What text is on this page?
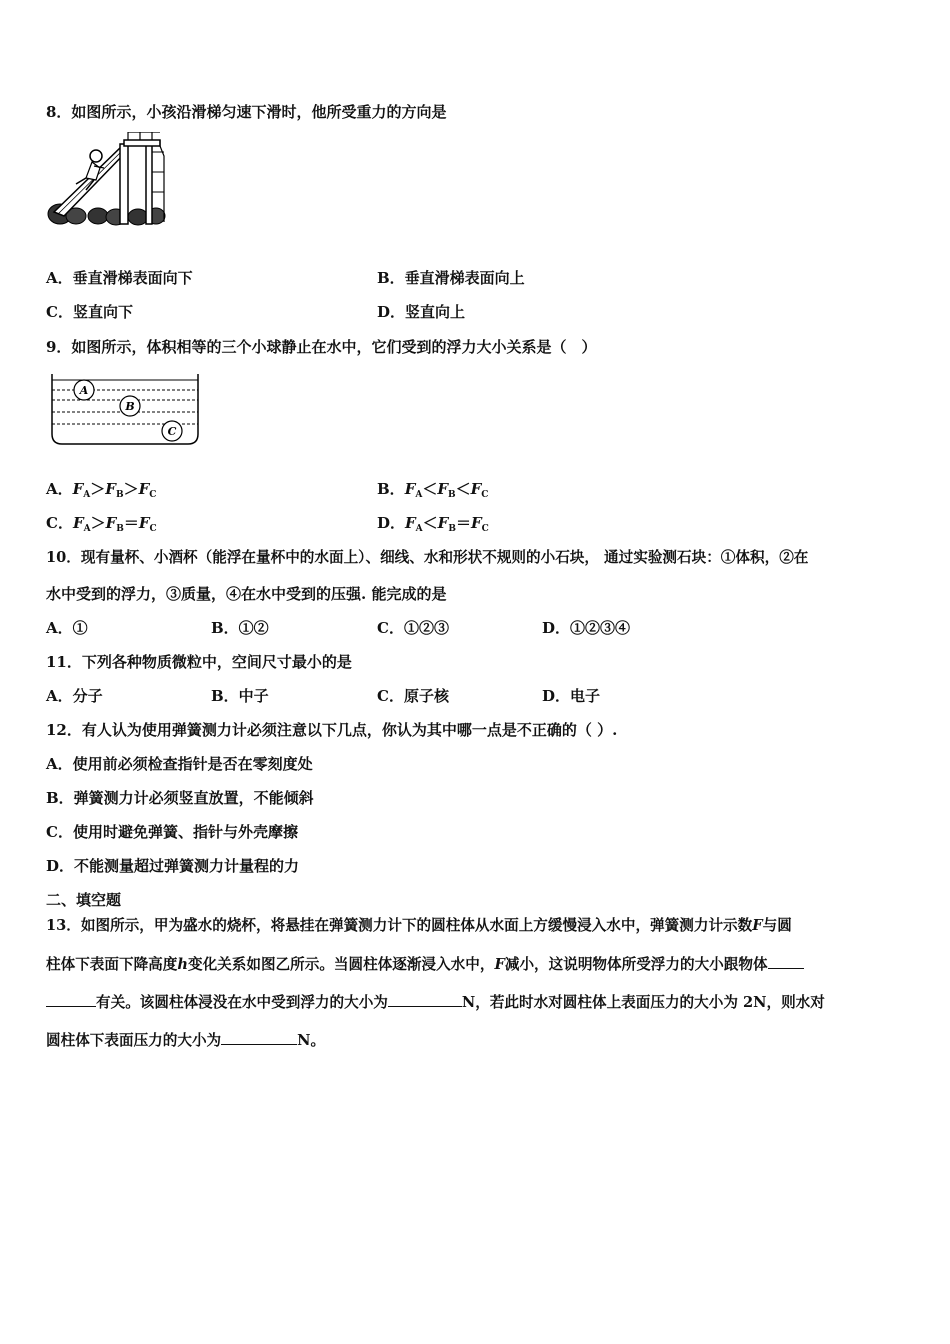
8．如图所示，小孩沿滑梯匀速下滑时，他所受重力的方向是
A．垂直滑梯表面向下	B．垂直滑梯表面向上
C．竖直向下	D．竖直向上
9．如图所示，体积相等的三个小球静止在水中，它们受到的浮力大小关系是（　）
A
B
C
A．$F_A>F_B>F_C$	B．$F_A<F_B<F_C$
C．$F_A>F_B=F_C$	D．$F_A<F_B=F_C$
10．现有量杯、小酒杯（能浮在量杯中的水面上）、细线、水和形状不规则的小石块， 通过实验测石块：①体积，②在
水中受到的浮力，③质量，④在水中受到的压强. 能完成的是
A．①	B．①②	C．①②③	D．①②③④
11．下列各种物质微粒中，空间尺寸最小的是
A．分子	B．中子	C．原子核	D．电子
12．有人认为使用弹簧测力计必须注意以下几点，你认为其中哪一点是不正确的（ ）.
A．使用前必须检查指针是否在零刻度处
B．弹簧测力计必须竖直放置，不能倾斜
C．使用时避免弹簧、指针与外壳摩擦
D．不能测量超过弹簧测力计量程的力
二、填空题
13．如图所示，甲为盛水的烧杯，将悬挂在弹簧测力计下的圆柱体从水面上方缓慢浸入水中，弹簧测力计示数F与圆
柱体下表面下降高度h变化关系如图乙所示。当圆柱体逐渐浸入水中，F减小，这说明物体所受浮力的大小跟物体
有关。该圆柱体浸没在水中受到浮力的大小为	N，若此时水对圆柱体上表面压力的大小为 2N，则水对
圆柱体下表面压力的大小为	N。
